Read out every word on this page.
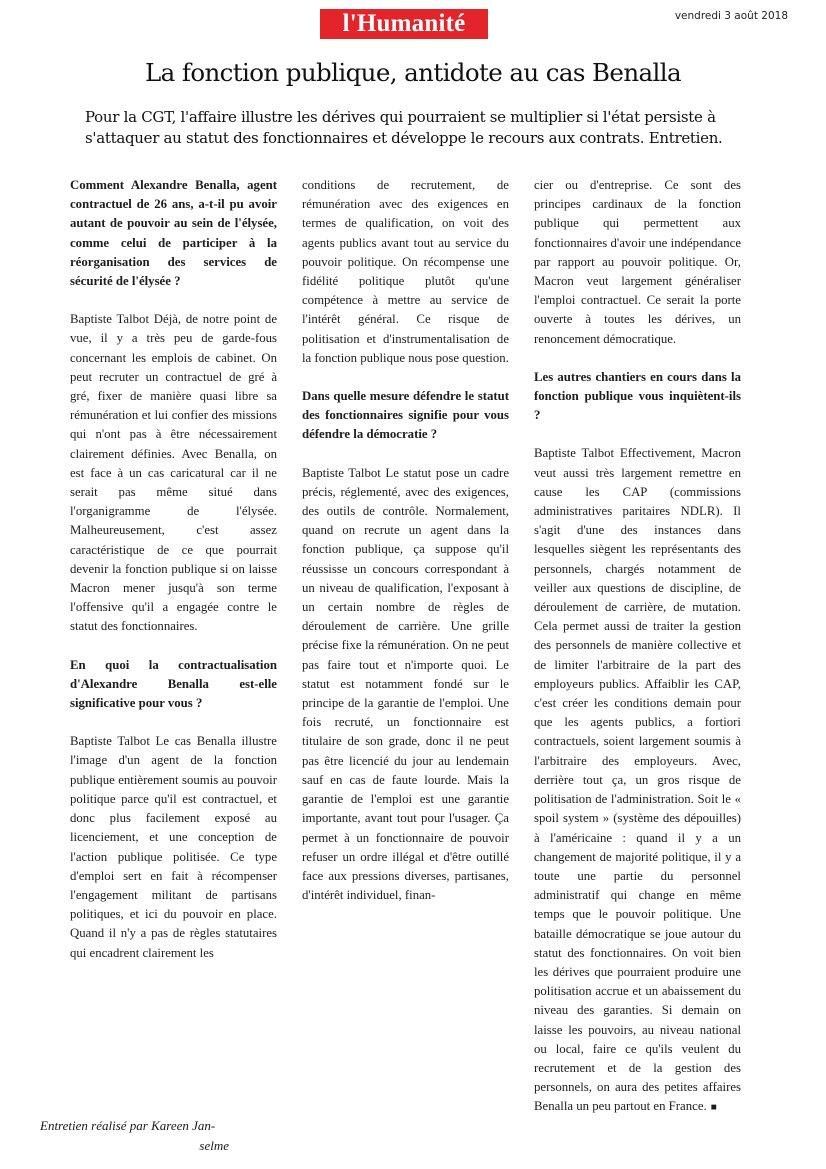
l'Humanité	vendredi 3 août 2018
La fonction publique, antidote au cas Benalla

Pour la CGT, l'affaire illustre les dérives qui pourraient se multiplier si l'état persiste à s'attaquer au statut des fonctionnaires et développe le recours aux contrats. Entretien.

Comment Alexandre Benalla, agent contractuel de 26 ans, a-t-il pu avoir autant de pouvoir au sein de l'élysée, comme celui de participer à la réorganisation des services de sécurité de l'élysée ?

Baptiste Talbot Déjà, de notre point de vue, il y a très peu de garde-fous concernant les emplois de cabinet. On peut recruter un contractuel de gré à gré, fixer de manière quasi libre sa rémunération et lui confier des missions qui n'ont pas à être nécessairement clairement définies. Avec Benalla, on est face à un cas caricatural car il ne serait pas même situé dans l'organigramme de l'élysée. Malheureusement, c'est assez caractéristique de ce que pourrait devenir la fonction publique si on laisse Macron mener jusqu'à son terme l'offensive qu'il a engagée contre le statut des fonctionnaires.

En quoi la contractualisation d'Alexandre Benalla est-elle significative pour vous ?

Baptiste Talbot Le cas Benalla illustre l'image d'un agent de la fonction publique entièrement soumis au pouvoir politique parce qu'il est contractuel, et donc plus facilement exposé au licenciement, et une conception de l'action publique politisée. Ce type d'emploi sert en fait à récompenser l'engagement militant de partisans politiques, et ici du pouvoir en place. Quand il n'y a pas de règles statutaires qui encadrent clairement les

conditions de recrutement, de rémunération avec des exigences en termes de qualification, on voit des agents publics avant tout au service du pouvoir politique. On récompense une fidélité politique plutôt qu'une compétence à mettre au service de l'intérêt général. Ce risque de politisation et d'instrumentalisation de la fonction publique nous pose question.

Dans quelle mesure défendre le statut des fonctionnaires signifie pour vous défendre la démocratie ?

Baptiste Talbot Le statut pose un cadre précis, réglementé, avec des exigences, des outils de contrôle. Normalement, quand on recrute un agent dans la fonction publique, ça suppose qu'il réussisse un concours correspondant à un niveau de qualification, l'exposant à un certain nombre de règles de déroulement de carrière. Une grille précise fixe la rémunération. On ne peut pas faire tout et n'importe quoi. Le statut est notamment fondé sur le principe de la garantie de l'emploi. Une fois recruté, un fonctionnaire est titulaire de son grade, donc il ne peut pas être licencié du jour au lendemain sauf en cas de faute lourde. Mais la garantie de l'emploi est une garantie importante, avant tout pour l'usager. Ça permet à un fonctionnaire de pouvoir refuser un ordre illégal et d'être outillé face aux pressions diverses, partisanes, d'intérêt individuel, finan-

cier ou d'entreprise. Ce sont des principes cardinaux de la fonction publique qui permettent aux fonctionnaires d'avoir une indépendance par rapport au pouvoir politique. Or, Macron veut largement généraliser l'emploi contractuel. Ce serait la porte ouverte à toutes les dérives, un renoncement démocratique.

Les autres chantiers en cours dans la fonction publique vous inquiètent-ils ?

Baptiste Talbot Effectivement, Macron veut aussi très largement remettre en cause les CAP (commissions administratives paritaires NDLR). Il s'agit d'une des instances dans lesquelles siègent les représentants des personnels, chargés notamment de veiller aux questions de discipline, de déroulement de carrière, de mutation. Cela permet aussi de traiter la gestion des personnels de manière collective et de limiter l'arbitraire de la part des employeurs publics. Affaiblir les CAP, c'est créer les conditions demain pour que les agents publics, a fortiori contractuels, soient largement soumis à l'arbitraire des employeurs. Avec, derrière tout ça, un gros risque de politisation de l'administration. Soit le « spoil system » (système des dépouilles) à l'américaine : quand il y a un changement de majorité politique, il y a toute une partie du personnel administratif qui change en même temps que le pouvoir politique. Une bataille démocratique se joue autour du statut des fonctionnaires. On voit bien les dérives que pourraient produire une politisation accrue et un abaissement du niveau des garanties. Si demain on laisse les pouvoirs, au niveau national ou local, faire ce qu'ils veulent du recrutement et de la gestion des personnels, on aura des petites affaires Benalla un peu partout en France. ■

Entretien réalisé par Kareen Jan-
selme
